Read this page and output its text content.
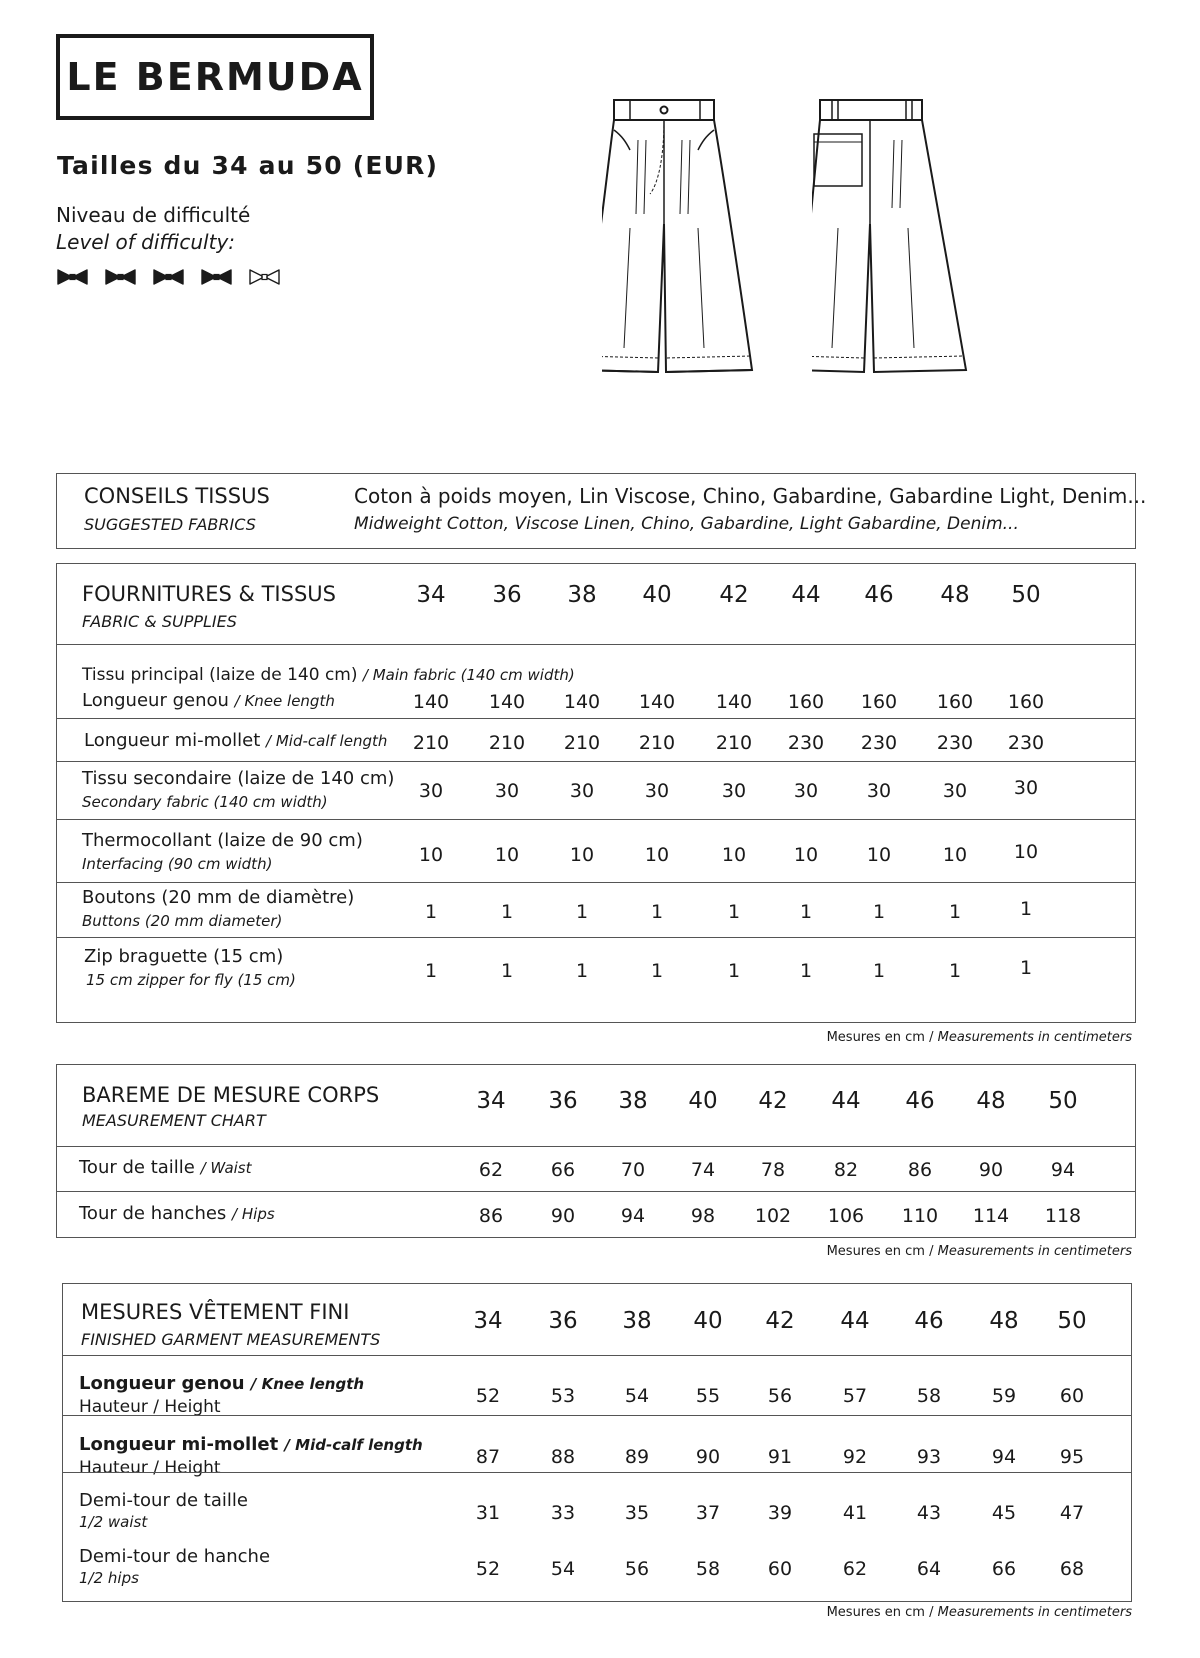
LE BERMUDA
Tailles du 34 au 50 (EUR)
Niveau de difficulté
Level of difficulty:
CONSEILS TISSUS
SUGGESTED FABRICS
Coton à poids moyen, Lin Viscose, Chino, Gabardine, Gabardine Light, Denim...
Midweight Cotton, Viscose Linen, Chino, Gabardine, Light Gabardine, Denim...
FOURNITURES & TISSUS
FABRIC & SUPPLIES
Tissu principal (laize de 140 cm) / Main fabric (140 cm width)
34	36	38	40	42	44	46	48	50
Longueur genou / Knee length	140	140	140	140	140	160	160	160	160
Longueur mi-mollet / Mid-calf length	210	210	210	210	210	230	230	230	230
Tissu secondaire (laize de 140 cm)
Secondary fabric (140 cm width)	30	30	30	30	30	30	30	30	30
Thermocollant (laize de 90 cm)
Interfacing (90 cm width)	10	10	10	10	10	10	10	10	10
Boutons (20 mm de diamètre)
Buttons (20 mm diameter)	1	1	1	1	1	1	1	1	1
Zip braguette (15 cm)
15 cm zipper for fly (15 cm)	1	1	1	1	1	1	1	1	1
Mesures en cm / Measurements in centimeters
BAREME DE MESURE CORPS
MEASUREMENT CHART
34	36	38	40	42	44	46	48	50
Tour de taille / Waist	62	66	70	74	78	82	86	90	94
Tour de hanches / Hips	86	90	94	98	102	106	110	114	118
Mesures en cm / Measurements in centimeters
MESURES VÊTEMENT FINI
FINISHED GARMENT MEASUREMENTS
34	36	38	40	42	44	46	48	50
Longueur genou / Knee length
Hauteur / Height	52	53	54	55	56	57	58	59	60
Longueur mi-mollet / Mid-calf length
Hauteur / Height	87	88	89	90	91	92	93	94	95
Demi-tour de taille
1/2 waist	31	33	35	37	39	41	43	45	47
Demi-tour de hanche
1/2 hips	52	54	56	58	60	62	64	66	68
Mesures en cm / Measurements in centimeters
